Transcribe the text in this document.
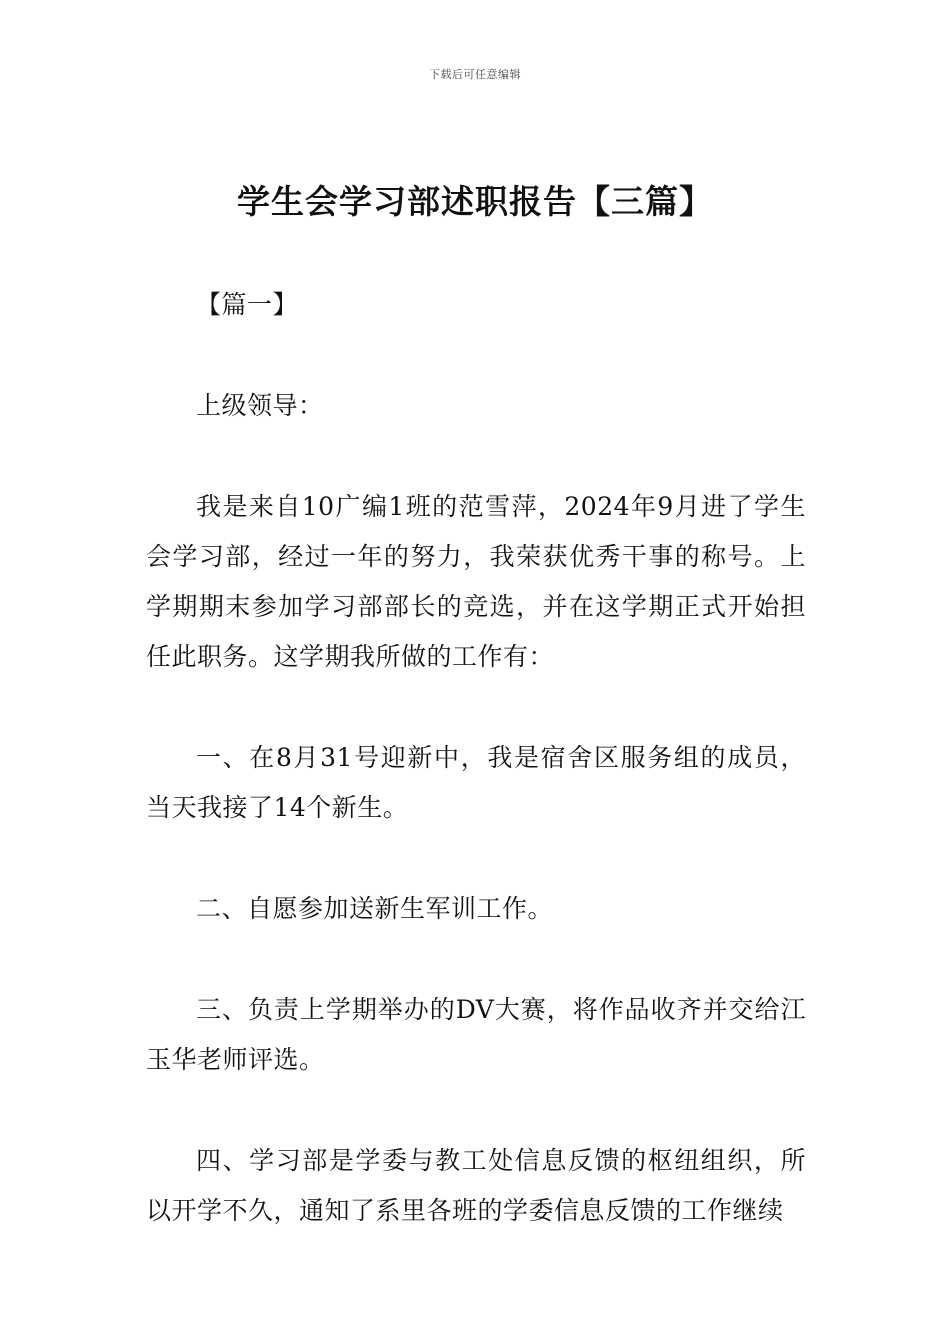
下载后可任意编辑
学生会学习部述职报告【三篇】

【篇一】

上级领导：

我是来自10广编1班的范雪萍，2024年9月进了学生会学习部，经过一年的努力，我荣获优秀干事的称号。上学期期末参加学习部部长的竞选，并在这学期正式开始担任此职务。这学期我所做的工作有：

一、在8月31号迎新中，我是宿舍区服务组的成员，当天我接了14个新生。

二、自愿参加送新生军训工作。

三、负责上学期举办的DV大赛，将作品收齐并交给江玉华老师评选。

四、学习部是学委与教工处信息反馈的枢纽组织，所以开学不久，通知了系里各班的学委信息反馈的工作继续
